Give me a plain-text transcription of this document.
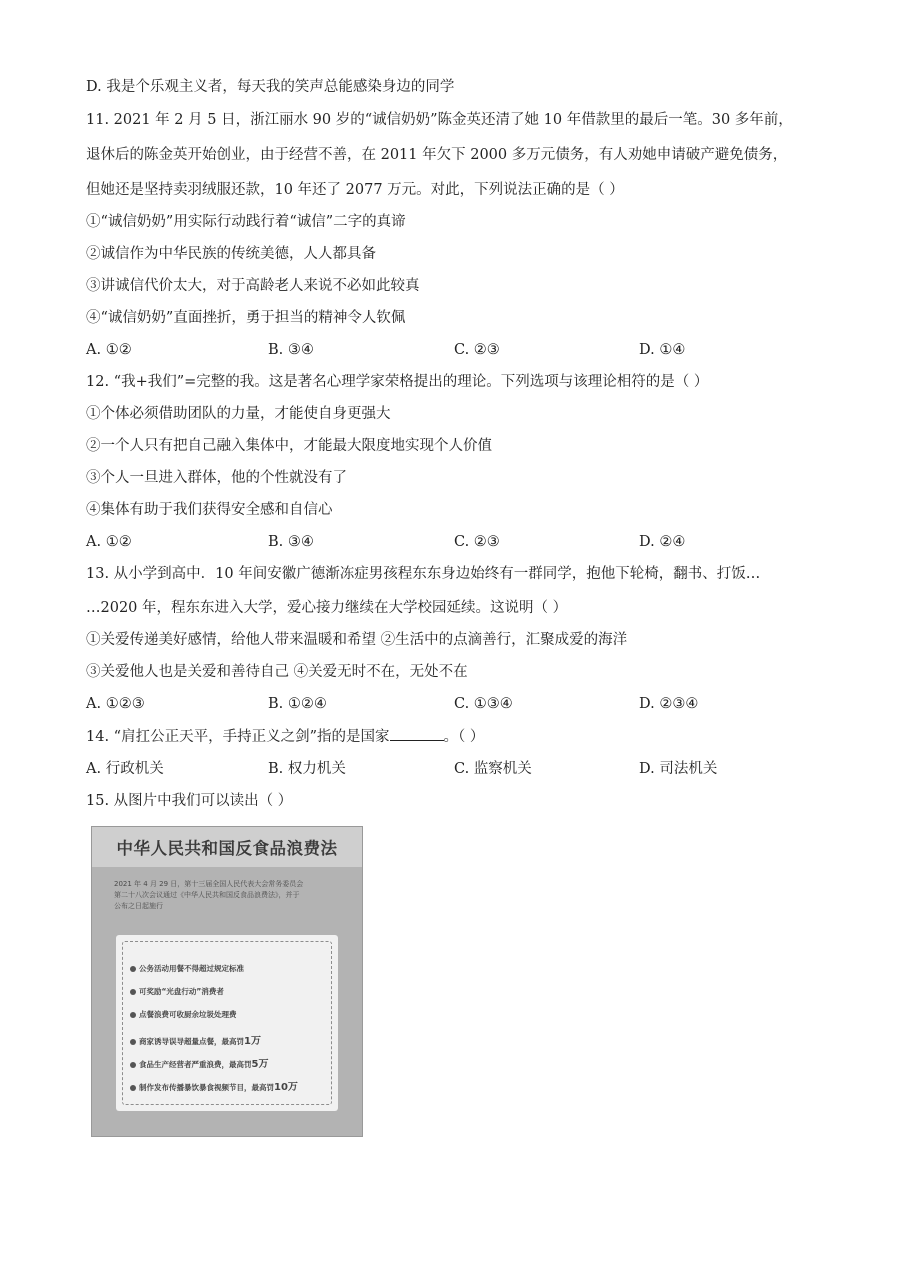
D. 我是个乐观主义者，每天我的笑声总能感染身边的同学
11. 2021 年 2 月 5 日，浙江丽水 90 岁的“诚信奶奶”陈金英还清了她 10 年借款里的最后一笔。30 多年前，
退休后的陈金英开始创业，由于经营不善，在 2011 年欠下 2000 多万元债务，有人劝她申请破产避免债务，
但她还是坚持卖羽绒服还款，10 年还了 2077 万元。对此，下列说法正确的是（ ）
①“诚信奶奶”用实际行动践行着“诚信”二字的真谛
②诚信作为中华民族的传统美德，人人都具备
③讲诚信代价太大，对于高龄老人来说不必如此较真
④“诚信奶奶”直面挫折，勇于担当的精神令人钦佩
A. ①②	B. ③④	C. ②③	D. ①④
12. “我+我们”=完整的我。这是著名心理学家荣格提出的理论。下列选项与该理论相符的是（ ）
①个体必须借助团队的力量，才能使自身更强大
②一个人只有把自己融入集体中，才能最大限度地实现个人价值
③个人一旦进入群体，他的个性就没有了
④集体有助于我们获得安全感和自信心
A. ①②	B. ③④	C. ②③	D. ②④
13. 从小学到高中．10 年间安徽广德渐冻症男孩程东东身边始终有一群同学，抱他下轮椅，翻书、打饭…
…2020 年，程东东进入大学，爱心接力继续在大学校园延续。这说明（ ）
①关爱传递美好感情，给他人带来温暖和希望 ②生活中的点滴善行，汇聚成爱的海洋
③关爱他人也是关爱和善待自己 ④关爱无时不在，无处不在
A. ①②③	B. ①②④	C. ①③④	D. ②③④
14. “肩扛公正天平，手持正义之剑”指的是国家	。（ ）
A. 行政机关	B. 权力机关	C. 监察机关	D. 司法机关
15. 从图片中我们可以读出（ ）
中华人民共和国反食品浪费法
2021 年 4 月 29 日，第十三届全国人民代表大会常务委员会
第二十八次会议通过《中华人民共和国反食品浪费法》，并于
公布之日起施行
公务活动用餐不得超过规定标准
可奖励“光盘行动”消费者
点餐浪费可收厨余垃圾处理费
商家诱导误导超量点餐，最高罚1万
食品生产经营者严重浪费，最高罚5万
制作发布传播暴饮暴食视频节目，最高罚10万
